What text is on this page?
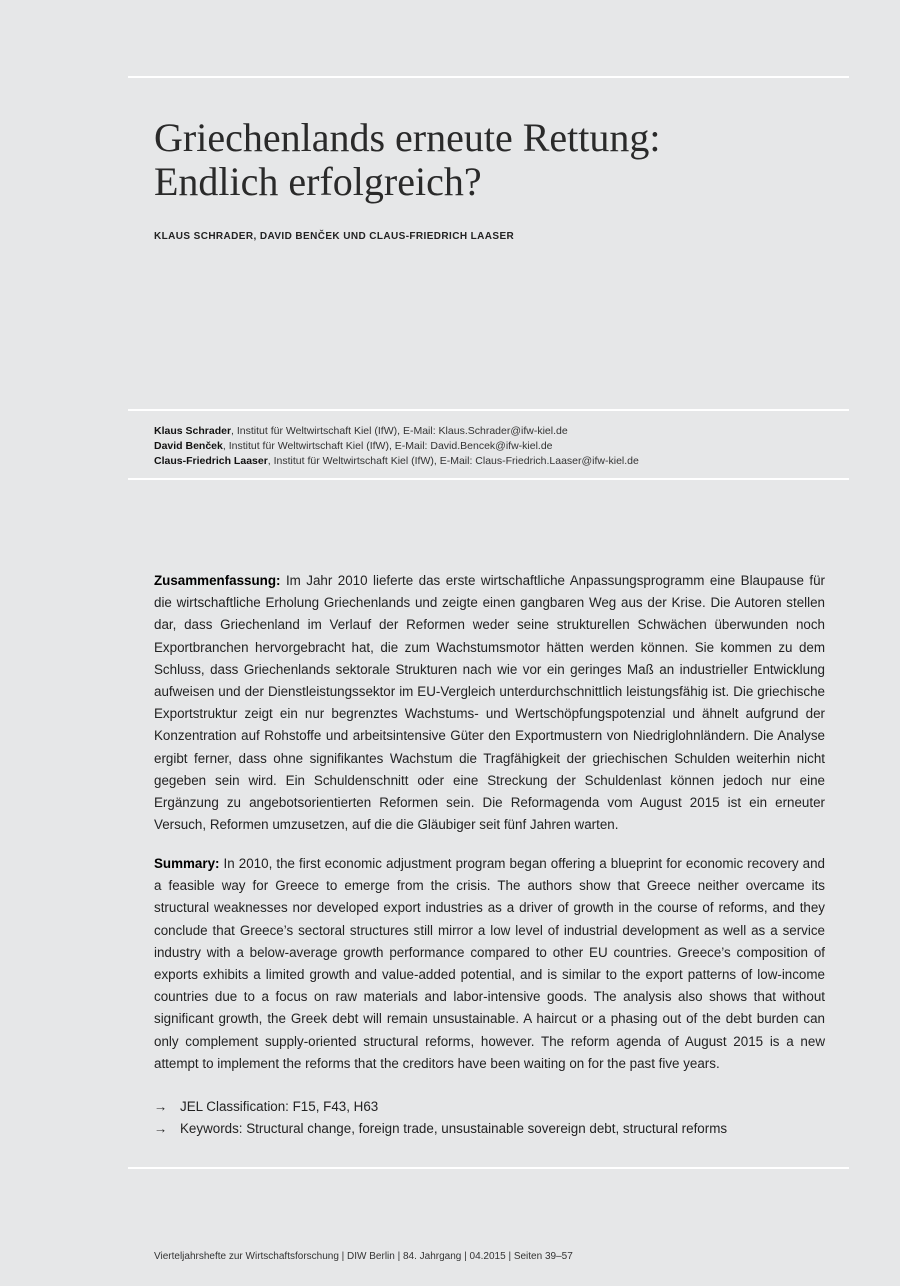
Griechenlands erneute Rettung:
Endlich erfolgreich?
KLAUS SCHRADER, DAVID BENČEK UND CLAUS-FRIEDRICH LAASER
Klaus Schrader, Institut für Weltwirtschaft Kiel (IfW), E-Mail: Klaus.Schrader@ifw-kiel.de
David Benček, Institut für Weltwirtschaft Kiel (IfW), E-Mail: David.Bencek@ifw-kiel.de
Claus-Friedrich Laaser, Institut für Weltwirtschaft Kiel (IfW), E-Mail: Claus-Friedrich.Laaser@ifw-kiel.de

Zusammenfassung: Im Jahr 2010 lieferte das erste wirtschaftliche Anpassungsprogramm eine Blaupause für die wirtschaftliche Erholung Griechenlands und zeigte einen gangbaren Weg aus der Krise. Die Autoren stellen dar, dass Griechenland im Verlauf der Reformen weder seine strukturellen Schwächen überwunden noch Exportbranchen hervorgebracht hat, die zum Wachstumsmotor hätten werden können. Sie kommen zu dem Schluss, dass Griechenlands sektorale Strukturen nach wie vor ein geringes Maß an industrieller Entwicklung aufweisen und der Dienstleistungssektor im EU-Vergleich unterdurchschnittlich leistungsfähig ist. Die griechische Exportstruktur zeigt ein nur begrenztes Wachstums- und Wertschöpfungspotenzial und ähnelt aufgrund der Konzentration auf Rohstoffe und arbeitsintensive Güter den Exportmustern von Niedriglohnländern. Die Analyse ergibt ferner, dass ohne signifikantes Wachstum die Tragfähigkeit der griechischen Schulden weiterhin nicht gegeben sein wird. Ein Schuldenschnitt oder eine Streckung der Schuldenlast können jedoch nur eine Ergänzung zu angebotsorientierten Reformen sein. Die Reformagenda vom August 2015 ist ein erneuter Versuch, Reformen umzusetzen, auf die die Gläubiger seit fünf Jahren warten.

Summary: In 2010, the first economic adjustment program began offering a blueprint for economic recovery and a feasible way for Greece to emerge from the crisis. The authors show that Greece neither overcame its structural weaknesses nor developed export industries as a driver of growth in the course of reforms, and they conclude that Greece’s sectoral structures still mirror a low level of industrial development as well as a service industry with a below-average growth performance compared to other EU countries. Greece’s composition of exports exhibits a limited growth and value-added potential, and is similar to the export patterns of low-income countries due to a focus on raw materials and labor-intensive goods. The analysis also shows that without significant growth, the Greek debt will remain unsustainable. A haircut or a phasing out of the debt burden can only complement supply-oriented structural reforms, however. The reform agenda of August 2015 is a new attempt to implement the reforms that the creditors have been waiting on for the past five years.

→ JEL Classification: F15, F43, H63
→ Keywords: Structural change, foreign trade, unsustainable sovereign debt, structural reforms
Vierteljahrshefte zur Wirtschaftsforschung | DIW Berlin | 84. Jahrgang | 04.2015 | Seiten 39–57
